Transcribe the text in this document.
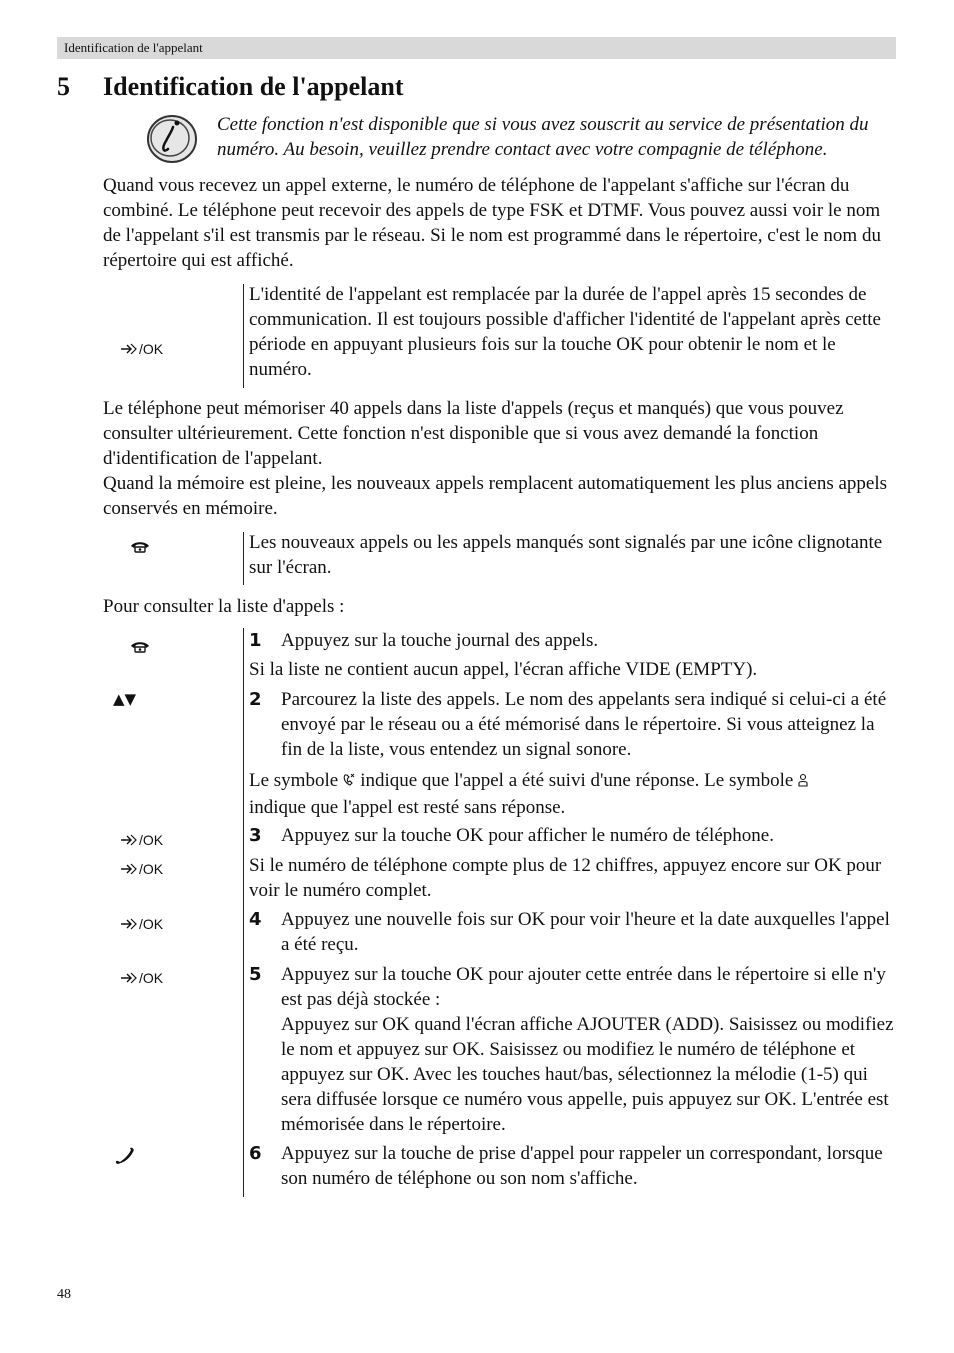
Identification de l'appelant
5 Identification de l'appelant
Cette fonction n'est disponible que si vous avez souscrit au service de présentation du numéro. Au besoin, veuillez prendre contact avec votre compagnie de téléphone.
Quand vous recevez un appel externe, le numéro de téléphone de l'appelant s'affiche sur l'écran du combiné. Le téléphone peut recevoir des appels de type FSK et DTMF. Vous pouvez aussi voir le nom de l'appelant s'il est transmis par le réseau. Si le nom est programmé dans le répertoire, c'est le nom du répertoire qui est affiché.
/OK
L'identité de l'appelant est remplacée par la durée de l'appel après 15 secondes de communication. Il est toujours possible d'afficher l'identité de l'appelant après cette période en appuyant plusieurs fois sur la touche OK pour obtenir le nom et le numéro.
Le téléphone peut mémoriser 40 appels dans la liste d'appels (reçus et manqués) que vous pouvez consulter ultérieurement. Cette fonction n'est disponible que si vous avez demandé la fonction d'identification de l'appelant.
Quand la mémoire est pleine, les nouveaux appels remplacent automatiquement les plus anciens appels conservés en mémoire.
Les nouveaux appels ou les appels manqués sont signalés par une icône clignotante sur l'écran.
Pour consulter la liste d'appels :
1 Appuyez sur la touche journal des appels.
Si la liste ne contient aucun appel, l'écran affiche VIDE (EMPTY).
▲▼	2 Parcourez la liste des appels. Le nom des appelants sera indiqué si celui-ci a été envoyé par le réseau ou a été mémorisé dans le répertoire. Si vous atteignez la fin de la liste, vous entendez un signal sonore.
Le symbole indique que l'appel a été suivi d'une réponse. Le symbole
indique que l'appel est resté sans réponse.
/OK	3 Appuyez sur la touche OK pour afficher le numéro de téléphone.
/OK	Si le numéro de téléphone compte plus de 12 chiffres, appuyez encore sur OK pour voir le numéro complet.
/OK	4 Appuyez une nouvelle fois sur OK pour voir l'heure et la date auxquelles l'appel a été reçu.
/OK	5 Appuyez sur la touche OK pour ajouter cette entrée dans le répertoire si elle n'y est pas déjà stockée :
Appuyez sur OK quand l'écran affiche AJOUTER (ADD). Saisissez ou modifiez le nom et appuyez sur OK. Saisissez ou modifiez le numéro de téléphone et appuyez sur OK. Avec les touches haut/bas, sélectionnez la mélodie (1-5) qui sera diffusée lorsque ce numéro vous appelle, puis appuyez sur OK. L'entrée est mémorisée dans le répertoire.
6 Appuyez sur la touche de prise d'appel pour rappeler un correspondant, lorsque son numéro de téléphone ou son nom s'affiche.
48
